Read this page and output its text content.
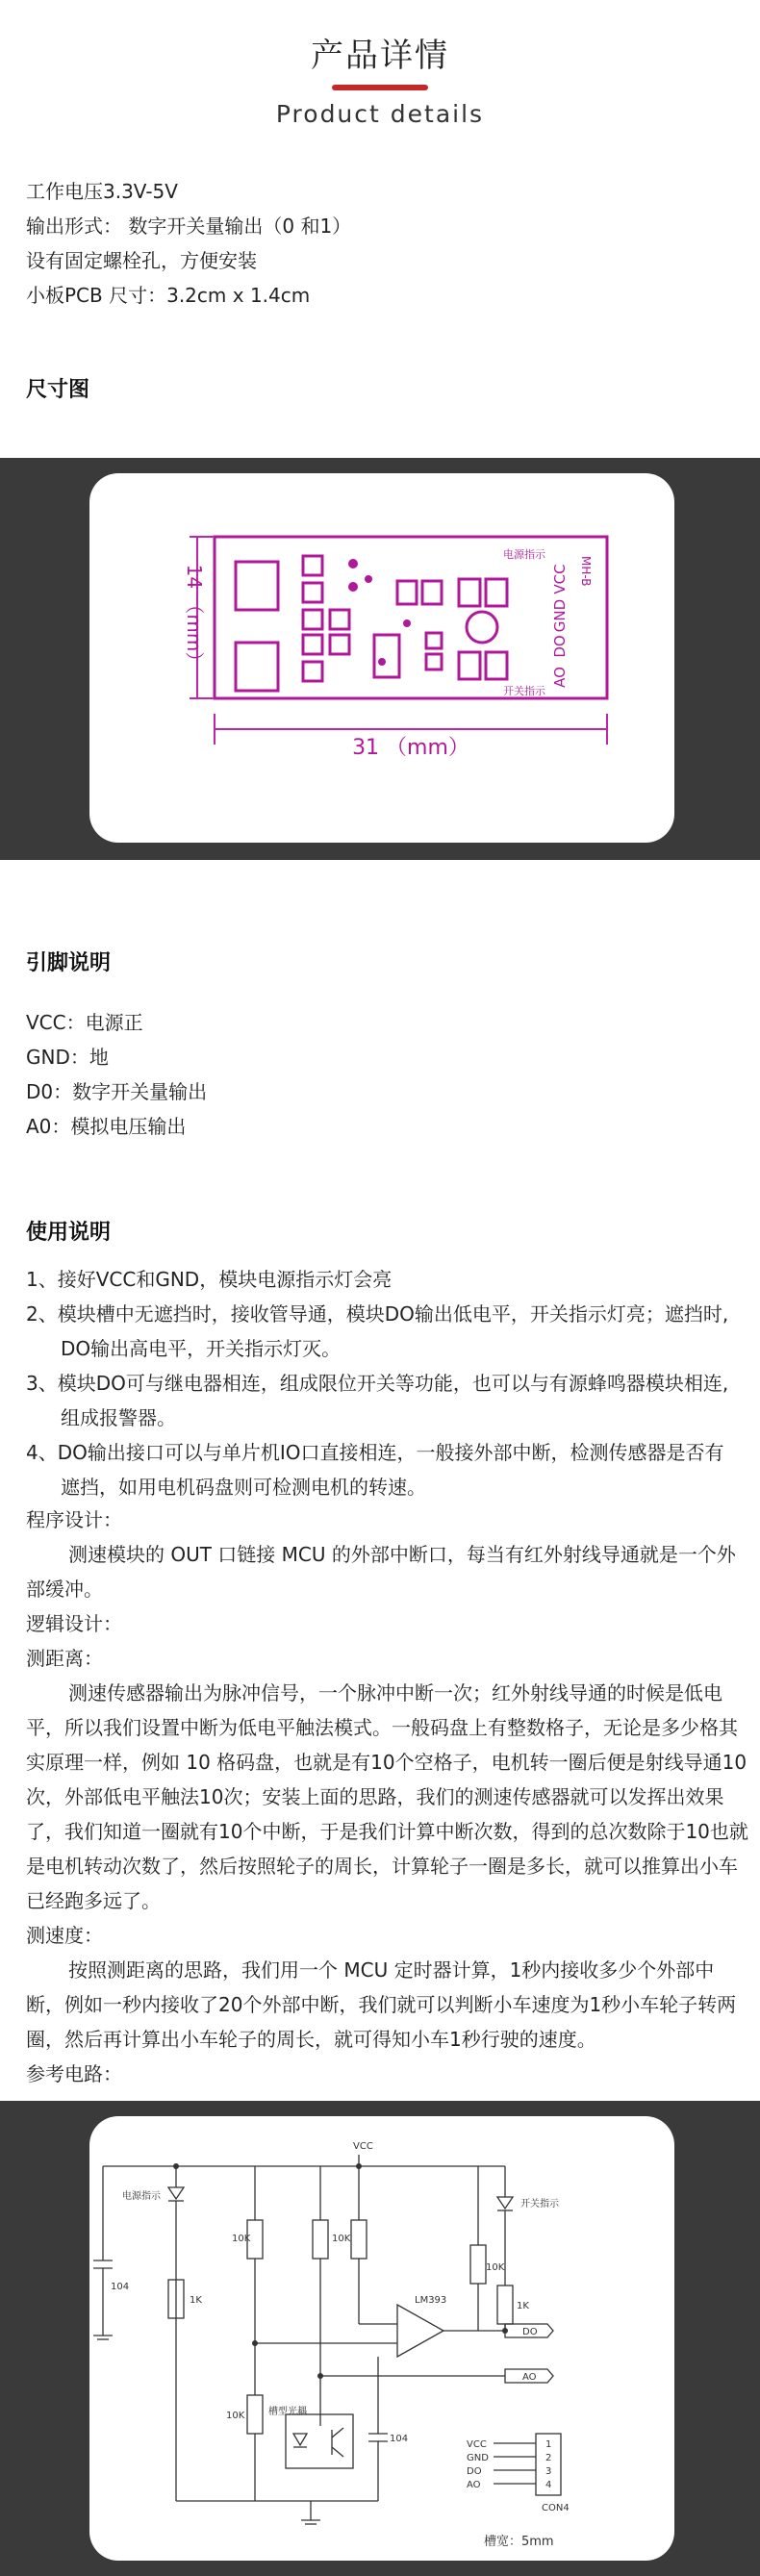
产品详情
Product details
工作电压3.3V-5V
输出形式： 数字开关量输出（0 和1）
设有固定螺栓孔，方便安装
小板PCB 尺寸：3.2cm x 1.4cm
尺寸图
31 （mm）
14 （mm）
电源指示
开关指示
MH-B
VCC
GND
DO
AO
引脚说明
VCC：电源正
GND：地
D0：数字开关量输出
A0：模拟电压输出
使用说明
1、接好VCC和GND，模块电源指示灯会亮
2、模块槽中无遮挡时，接收管导通，模块DO输出低电平，开关指示灯亮；遮挡时,
DO输出高电平，开关指示灯灭。
3、模块DO可与继电器相连，组成限位开关等功能，也可以与有源蜂鸣器模块相连,
组成报警器。
4、DO输出接口可以与单片机IO口直接相连，一般接外部中断，检测传感器是否有
遮挡，如用电机码盘则可检测电机的转速。
程序设计：
测速模块的 OUT 口链接 MCU 的外部中断口，每当有红外射线导通就是一个外部缓冲。
逻辑设计：
测距离：
测速传感器输出为脉冲信号，一个脉冲中断一次；红外射线导通的时候是低电平，所以我们设置中断为低电平触法模式。一般码盘上有整数格子，无论是多少格其实原理一样，例如 10 格码盘，也就是有10个空格子，电机转一圈后便是射线导通10次，外部低电平触法10次；安装上面的思路，我们的测速传感器就可以发挥出效果了，我们知道一圈就有10个中断，于是我们计算中断次数，得到的总次数除于10也就是电机转动次数了，然后按照轮子的周长，计算轮子一圈是多长，就可以推算出小车已经跑多远了。
测速度：
按照测距离的思路，我们用一个 MCU 定时器计算，1秒内接收多少个外部中断，例如一秒内接收了20个外部中断，我们就可以判断小车速度为1秒小车轮子转两圈，然后再计算出小车轮子的周长，就可得知小车1秒行驶的速度。
参考电路：
VCC
电源指示
开关指示
LM393
10K
1K
10K
10K
1K
10K
104
104
槽型光耦
DO
AO
VCC
GND
DO
AO
1
2
3
4
CON4
槽宽：5mm
